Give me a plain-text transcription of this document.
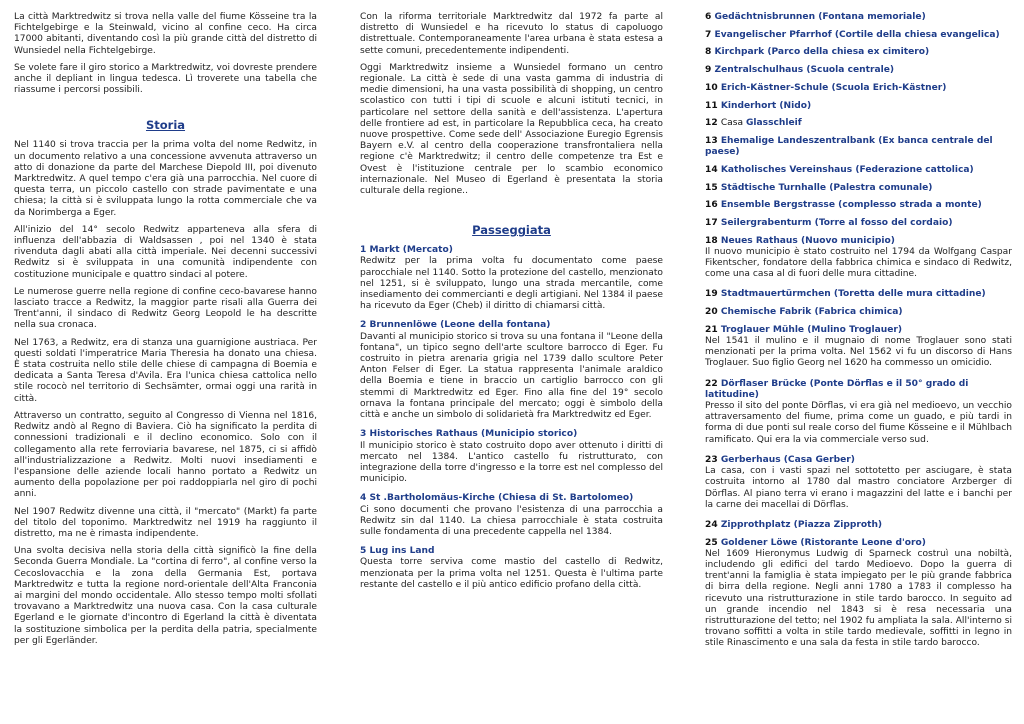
La città Marktredwitz si trova nella valle del fiume Kösseine tra la Fichtelgebirge e la Steinwald, vicino al confine ceco. Ha circa 17000 abitanti, diventando così la più grande città del distretto di Wunsiedel nella Fichtelgebirge.

Se volete fare il giro storico a Marktredwitz, voi dovreste prendere anche il depliant in lingua tedesca. Lì troverete una tabella che riassume i percorsi possibili.

Storia

Nel 1140 si trova traccia per la prima volta del nome Redwitz, in un documento relativo a una concessione avvenuta attraverso un atto di donazione da parte del Marchese Diepold III, poi divenuto Marktredwitz. A quel tempo c'era già una parrocchia. Nel cuore di questa terra, un piccolo castello con strade pavimentate e una chiesa; la città si è sviluppata lungo la rotta commerciale che va da Norimberga a Eger.

All'inizio del 14° secolo Redwitz apparteneva alla sfera di influenza dell'abbazia di Waldsassen , poi nel 1340 è stata rivenduta dagli abati alla città imperiale. Nei decenni successivi Redwitz si è sviluppata in una comunità indipendente con costituzione municipale e quattro sindaci al potere.

Le numerose guerre nella regione di confine ceco-bavarese hanno lasciato tracce a Redwitz, la maggior parte risali alla Guerra dei Trent'anni, il sindaco di Redwitz Georg Leopold le ha descritte nella sua cronaca.

Nel 1763, a Redwitz, era di stanza una guarnigione austriaca. Per questi soldati l'imperatrice Maria Theresia ha donato una chiesa. È stata costruita nello stile delle chiese di campagna di Boemia e dedicata a Santa Teresa d'Avila. Era l'unica chiesa cattolica nello stile rococò nel territorio di Sechsämter, ormai oggi una rarità in città.

Attraverso un contratto, seguito al Congresso di Vienna nel 1816, Redwitz andò al Regno di Baviera. Ciò ha significato la perdita di connessioni tradizionali e il declino economico. Solo con il collegamento alla rete ferroviaria bavarese, nel 1875, ci si affidò all'industrializzazione a Redwitz. Molti nuovi insediamenti e l'espansione delle aziende locali hanno portato a Redwitz un aumento della popolazione per poi raddoppiarla nel giro di pochi anni.

Nel 1907 Redwitz divenne una città, il "mercato" (Markt) fa parte del titolo del toponimo. Marktredwitz nel 1919 ha raggiunto il distretto, ma ne è rimasta indipendente.

Una svolta decisiva nella storia della città significò la fine della Seconda Guerra Mondiale. La "cortina di ferro", al confine verso la Cecoslovacchia e la zona della Germania Est, portava Marktredwitz e tutta la regione nord-orientale dell'Alta Franconia ai margini del mondo occidentale. Allo stesso tempo molti sfollati trovavano a Marktredwitz una nuova casa. Con la casa culturale Egerland e le giornate d'incontro di Egerland la città è diventata la sostituzione simbolica per la perdita della patria, specialmente per gli Egerländer.

Con la riforma territoriale Marktredwitz dal 1972 fa parte al distretto di Wunsiedel e ha ricevuto lo status di capoluogo distrettuale. Contemporaneamente l'area urbana è stata estesa a sette comuni, precedentemente indipendenti.

Oggi Marktredwitz insieme a Wunsiedel formano un centro regionale. La città è sede di una vasta gamma di industria di medie dimensioni, ha una vasta possibilità di shopping, un centro scolastico con tutti i tipi di scuole e alcuni istituti tecnici, in particolare nel settore della sanità e dell'assistenza. L'apertura delle frontiere ad est, in particolare la Repubblica ceca, ha creato nuove prospettive. Come sede dell' Associazione Euregio Egrensis Bayern e.V. al centro della cooperazione transfrontaliera nella regione c'è Marktredwitz; il centro delle competenze tra Est e Ovest è l'istituzione centrale per lo scambio economico internazionale. Nel Museo di Egerland è presentata la storia culturale della regione..

Passeggiata
1 Markt (Mercato)
Redwitz per la prima volta fu documentato come paese parocchiale nel 1140. Sotto la protezione del castello, menzionato nel 1251, si è sviluppato, lungo una strada mercantile, come insediamento dei commercianti e degli artigiani. Nel 1384 il paese ha ricevuto da Eger (Cheb) il diritto di chiamarsi città.
2 Brunnenlöwe (Leone della fontana)
Davanti al municipio storico si trova su una fontana il "Leone della fontana", un tipico segno dell'arte scultore barrocco di Eger. Fu costruito in pietra arenaria grigia nel 1739 dallo scultore Peter Anton Felser di Eger. La statua rappresenta l'animale araldico della Boemia e tiene in braccio un cartiglio barrocco con gli stemmi di Marktredwitz ed Eger. Fino alla fine del 19° secolo ornava la fontana principale del mercato; oggi è simbolo della città e anche un simbolo di solidarietà fra Marktredwitz ed Eger.
3 Historisches Rathaus (Municipio storico)
Il municipio storico è stato costruito dopo aver ottenuto i diritti di mercato nel 1384. L'antico castello fu ristrutturato, con integrazione della torre d'ingresso e la torre est nel complesso del municipio.
4 St .Bartholomäus-Kirche (Chiesa di St. Bartolomeo)
Ci sono documenti che provano l'esistenza di una parrocchia a Redwitz sin dal 1140. La chiesa parrocchiale è stata costruita sulle fondamenta di una precedente cappella nel 1384.
5 Lug ins Land
Questa torre serviva come mastio del castello di Redwitz, menzionata per la prima volta nel 1251. Questa è l'ultima parte restante del castello e il più antico edificio profano della città.
6 Gedächtnisbrunnen (Fontana memoriale)
7 Evangelischer Pfarrhof (Cortile della chiesa evangelica)
8 Kirchpark (Parco della chiesa ex cimitero)
9 Zentralschulhaus (Scuola centrale)
10 Erich-Kästner-Schule (Scuola Erich-Kästner)
11 Kinderhort (Nido)
12 Casa Glasschleif
13 Ehemalige Landeszentralbank (Ex banca centrale del paese)
14 Katholisches Vereinshaus (Federazione cattolica)
15 Städtische Turnhalle (Palestra comunale)
16 Ensemble Bergstrasse (complesso strada a monte)
17 Seilergrabenturm (Torre al fosso del cordaio)
18 Neues Rathaus (Nuovo municipio)
Il nuovo municipio è stato costruito nel 1794 da Wolfgang Caspar Fikentscher, fondatore della fabbrica chimica e sindaco di Redwitz, come una casa al di fuori delle mura cittadine.
19 Stadtmauertürmchen (Toretta delle mura cittadine)
20 Chemische Fabrik (Fabrica chimica)
21 Troglauer Mühle (Mulino Troglauer)
Nel 1541 il mulino e il mugnaio di nome Troglauer sono stati menzionati per la prima volta. Nel 1562 vi fu un discorso di Hans Troglauer. Suo figlio Georg nel 1620 ha commesso un omicidio.
22 Dörflaser Brücke (Ponte Dörflas e il 50° grado di latitudine)
Presso il sito del ponte Dörflas, vi era già nel medioevo, un vecchio attraversamento del fiume, prima come un guado, e più tardi in forma di due ponti sul reale corso del fiume Kösseine e il Mühlbach ramificato. Qui era la via commerciale verso sud.
23 Gerberhaus (Casa Gerber)
La casa, con i vasti spazi nel sottotetto per asciugare, è stata costruita intorno al 1780 dal mastro conciatore Arzberger di Dörflas. Al piano terra vi erano i magazzini del latte e i banchi per la carne dei macellai di Dörflas.
24 Zipprothplatz (Piazza Zipproth)
25 Goldener Löwe (Ristorante Leone d'oro)
Nel 1609 Hieronymus Ludwig di Sparneck costruì una nobiltà, includendo gli edifici del tardo Medioevo. Dopo la guerra di trent'anni la famiglia è stata impiegato per le più grande fabbrica di birra della regione. Negli anni 1780 a 1783 il complesso ha ricevuto una ristrutturazione in stile tardo barocco. In seguito ad un grande incendio nel 1843 si è resa necessaria una ristrutturazione del tetto; nel 1902 fu ampliata la sala. All'interno si trovano soffitti a volta in stile tardo medievale, soffitti in legno in stile Rinascimento e una sala da festa in stile tardo barocco.
